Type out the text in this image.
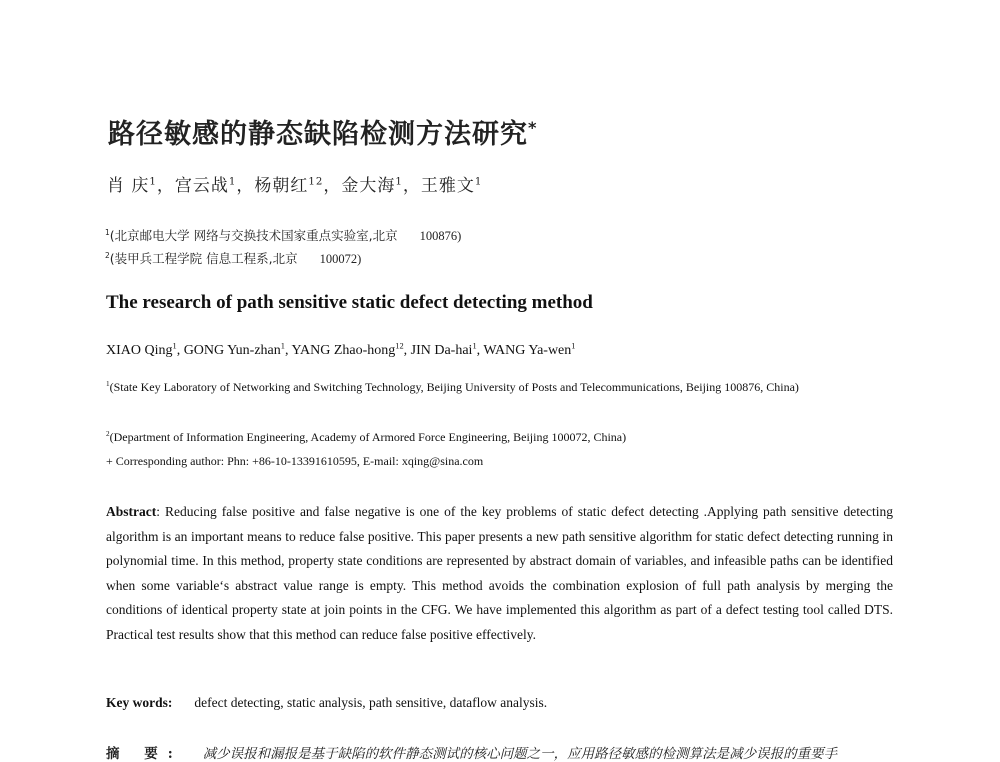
路径敏感的静态缺陷检测方法研究*
肖 庆$^1$，宫云战$^1$，杨朝红$^{12}$，金大海$^1$，王雅文$^1$
$^1$(北京邮电大学 网络与交换技术国家重点实验室,北京 100876)
$^2$(装甲兵工程学院 信息工程系,北京 100072)
The research of path sensitive static defect detecting method
XIAO Qing$^1$, GONG Yun-zhan$^1$, YANG Zhao-hong$^{12}$, JIN Da-hai$^1$, WANG Ya-wen$^1$
$^1$(State Key Laboratory of Networking and Switching Technology, Beijing University of Posts and Telecommunications, Beijing 100876, China)
$^2$(Department of Information Engineering, Academy of Armored Force Engineering, Beijing 100072, China)
+ Corresponding author: Phn: +86-10-13391610595, E-mail: xqing@sina.com
Abstract: Reducing false positive and false negative is one of the key problems of static defect detecting .Applying path sensitive detecting algorithm is an important means to reduce false positive. This paper presents a new path sensitive algorithm for static defect detecting running in polynomial time. In this method, property state conditions are represented by abstract domain of variables, and infeasible paths can be identified when some variable‘s abstract value range is empty. This method avoids the combination explosion of full path analysis by merging the conditions of identical property state at join points in the CFG. We have implemented this algorithm as part of a defect testing tool called DTS. Practical test results show that this method can reduce false positive effectively.
Key words: defect detecting, static analysis, path sensitive, dataflow analysis.
摘 要: 减少误报和漏报是基于缺陷的软件静态测试的核心问题之一，应用路径敏感的检测算法是减少误报的重要手
